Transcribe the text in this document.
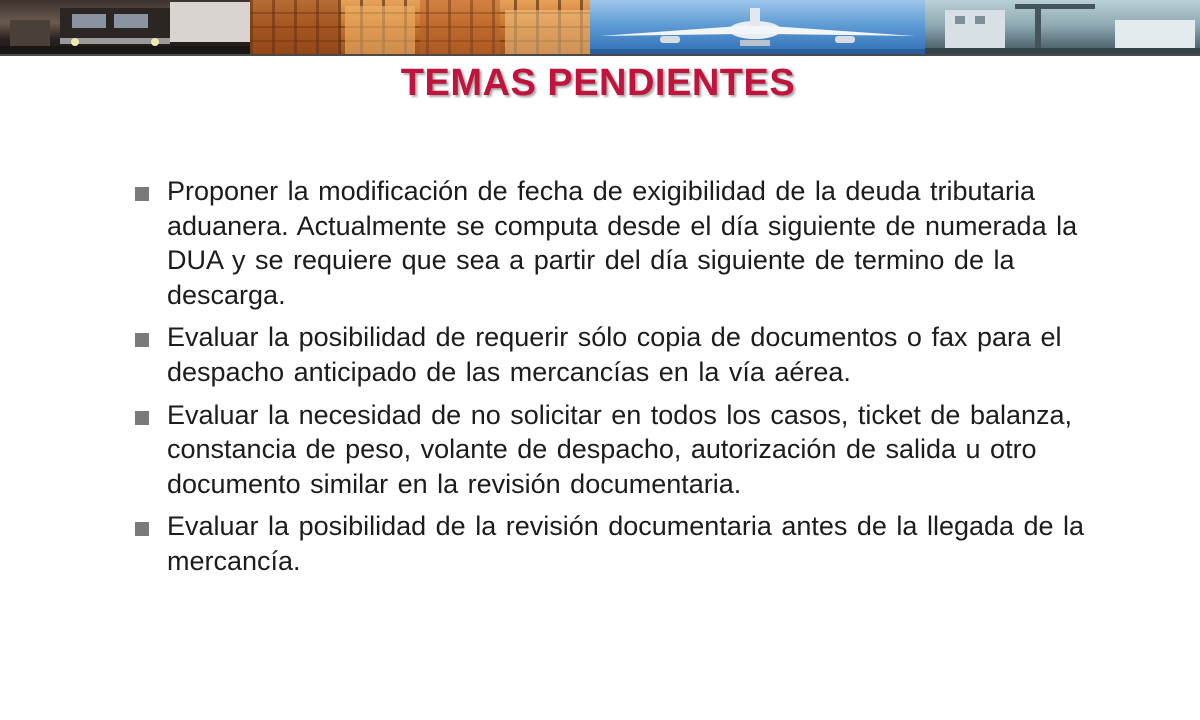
TEMAS PENDIENTES
Proponer la modificación de fecha de exigibilidad de la deuda tributaria aduanera. Actualmente se computa desde el día siguiente de numerada la DUA y se requiere que sea a partir del día siguiente de termino de la descarga.
Evaluar la posibilidad de requerir sólo copia de documentos o fax para el despacho anticipado de las mercancías en la vía aérea.
Evaluar la necesidad de no solicitar en todos los casos, ticket de balanza, constancia de peso, volante de despacho, autorización de salida u otro documento similar en la revisión documentaria.
Evaluar la posibilidad de la revisión documentaria antes de la llegada de la mercancía.
